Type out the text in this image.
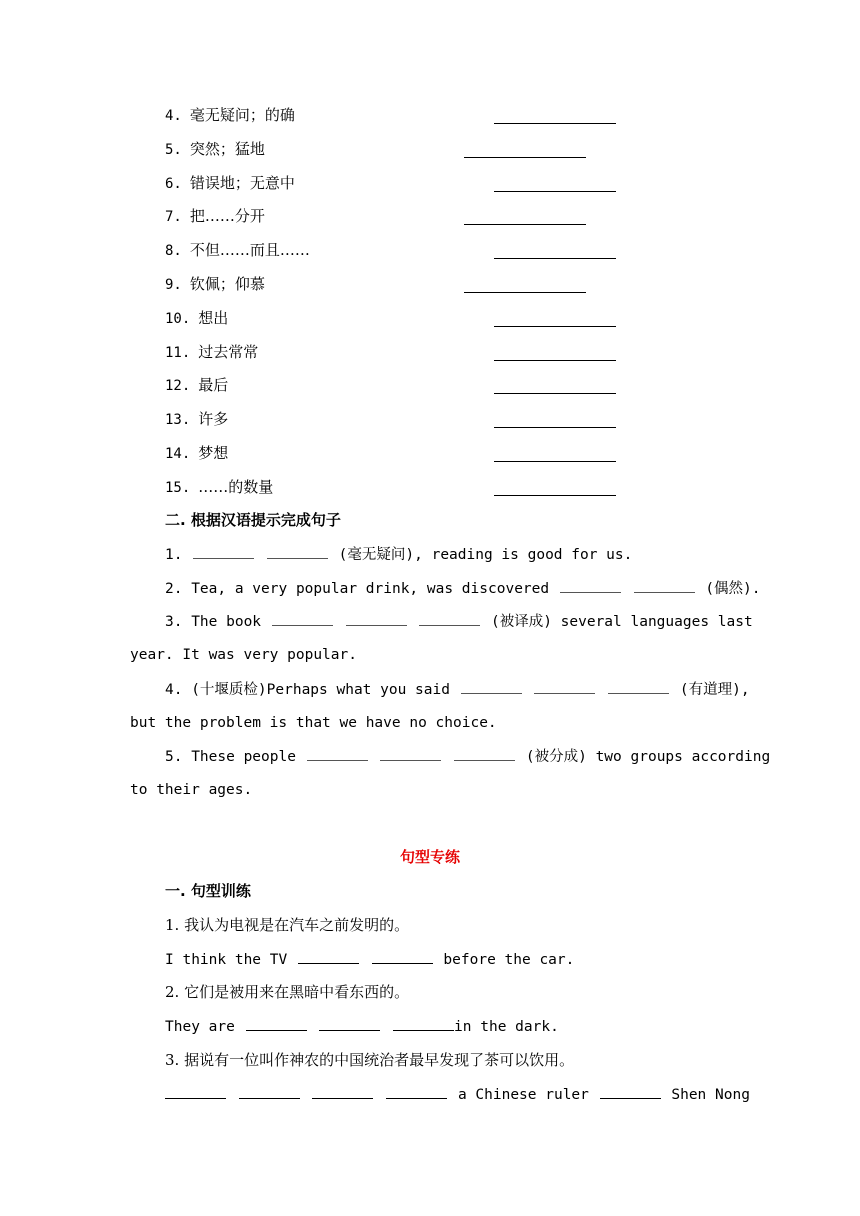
4. 毫无疑问；的确
5. 突然；猛地
6. 错误地；无意中
7. 把……分开
8. 不但……而且……
9. 钦佩；仰慕
10. 想出
11. 过去常常
12. 最后
13. 许多
14. 梦想
15. ……的数量
二. 根据汉语提示完成句子
1.	(毫无疑问), reading is good for us.
2. Tea, a very popular drink, was discovered	(偶然).
3. The book	(被译成) several languages last
year. It was very popular.
4. (十堰质检)Perhaps what you said	(有道理),
but the problem is that we have no choice.
5. These people	(被分成) two groups according
to their ages.
句型专练
一. 句型训练
1. 我认为电视是在汽车之前发明的。
I think the TV	before the car.
2. 它们是被用来在黑暗中看东西的。
They are	in the dark.
3. 据说有一位叫作神农的中国统治者最早发现了茶可以饮用。
a Chinese ruler	Shen Nong
